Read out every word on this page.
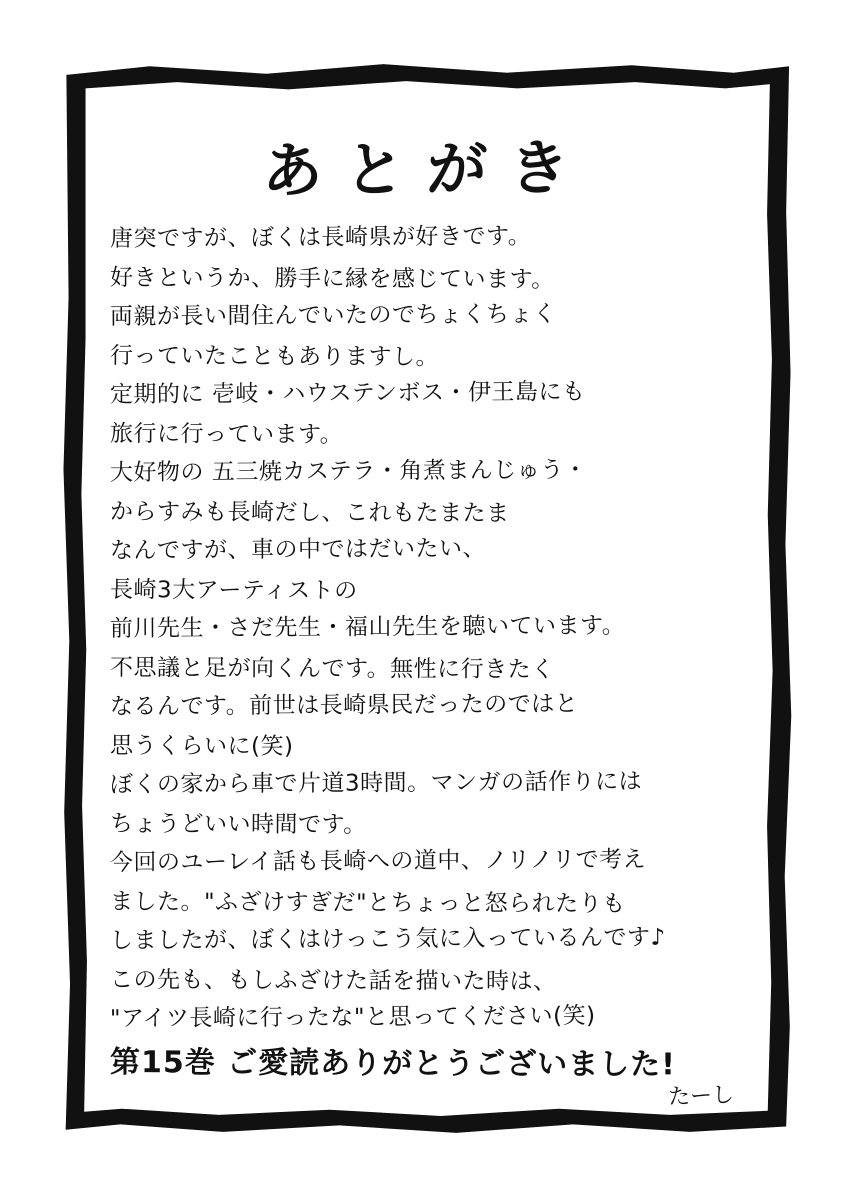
あとがき
唐突ですが、ぼくは長崎県が好きです。
好きというか、勝手に縁を感じています。
両親が長い間住んでいたのでちょくちょく
行っていたこともありますし。
定期的に 壱岐・ハウステンボス・伊王島にも
旅行に行っています。
大好物の 五三焼カステラ・角煮まんじゅう・
からすみも長崎だし、これもたまたま
なんですが、車の中ではだいたい、
長崎3大アーティストの
前川先生・さだ先生・福山先生を聴いています。
不思議と足が向くんです。無性に行きたく
なるんです。前世は長崎県民だったのではと
思うくらいに(笑)
ぼくの家から車で片道3時間。マンガの話作りには
ちょうどいい時間です。
今回のユーレイ話も長崎への道中、ノリノリで考え
ました。"ふざけすぎだ"とちょっと怒られたりも
しましたが、ぼくはけっこう気に入っているんです♪
この先も、もしふざけた話を描いた時は、
"アイツ長崎に行ったな"と思ってください(笑)
第15巻 ご愛読ありがとうございました!
たーし
